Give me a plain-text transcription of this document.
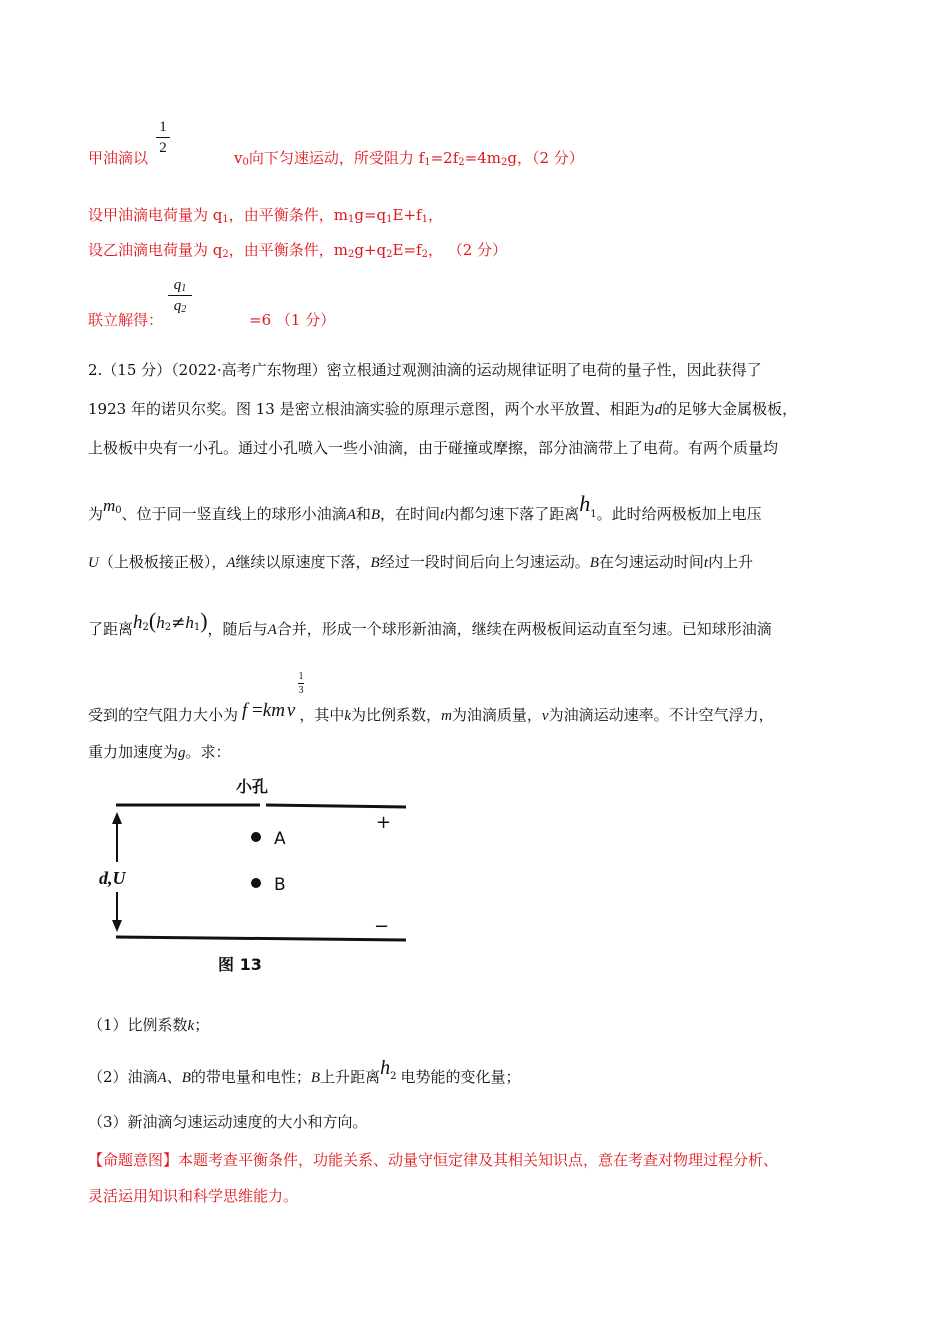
1
2
甲油滴以	$v_0$向下匀速运动，所受阻力 $f_1=2f_2=4m_2g$，（2 分）
设甲油滴电荷量为 $q_1$，由平衡条件，$m_1g=q_1E+f_1$，
设乙油滴电荷量为 $q_2$，由平衡条件，$m_2g+q_2E=f_2$， （2 分）
$q_1$
$q_2$
联立解得：	=6 （1 分）
2.（15 分）（2022·高考广东物理）密立根通过观测油滴的运动规律证明了电荷的量子性，因此获得了
1923 年的诺贝尔奖。图 13 是密立根油滴实验的原理示意图，两个水平放置、相距为d的足够大金属极板，
上极板中央有一小孔。通过小孔喷入一些小油滴，由于碰撞或摩擦，部分油滴带上了电荷。有两个质量均
为$m_0$、位于同一竖直线上的球形小油滴A和B，在时间t内都匀速下落了距离$h_1$。此时给两极板加上电压
U（上极板接正极），A继续以原速度下落，B经过一段时间后向上匀速运动。B在匀速运动时间t内上升
了距离$h_2(h_2\ne h_1)$，随后与A合并，形成一个球形新油滴，继续在两极板间运动直至匀速。已知球形油滴
受到的空气阻力大小为 f =km
1
3
v ，其中k为比例系数，m为油滴质量，v为油滴运动速率。不计空气浮力，
重力加速度为g。求：
小孔
+
A
B
d,U
−
图 13
（1）比例系数k；
（2）油滴A、B的带电量和电性；B上升距离$h_2$ 电势能的变化量；
（3）新油滴匀速运动速度的大小和方向。
【命题意图】本题考查平衡条件，功能关系、动量守恒定律及其相关知识点，意在考查对物理过程分析、
灵活运用知识和科学思维能力。
